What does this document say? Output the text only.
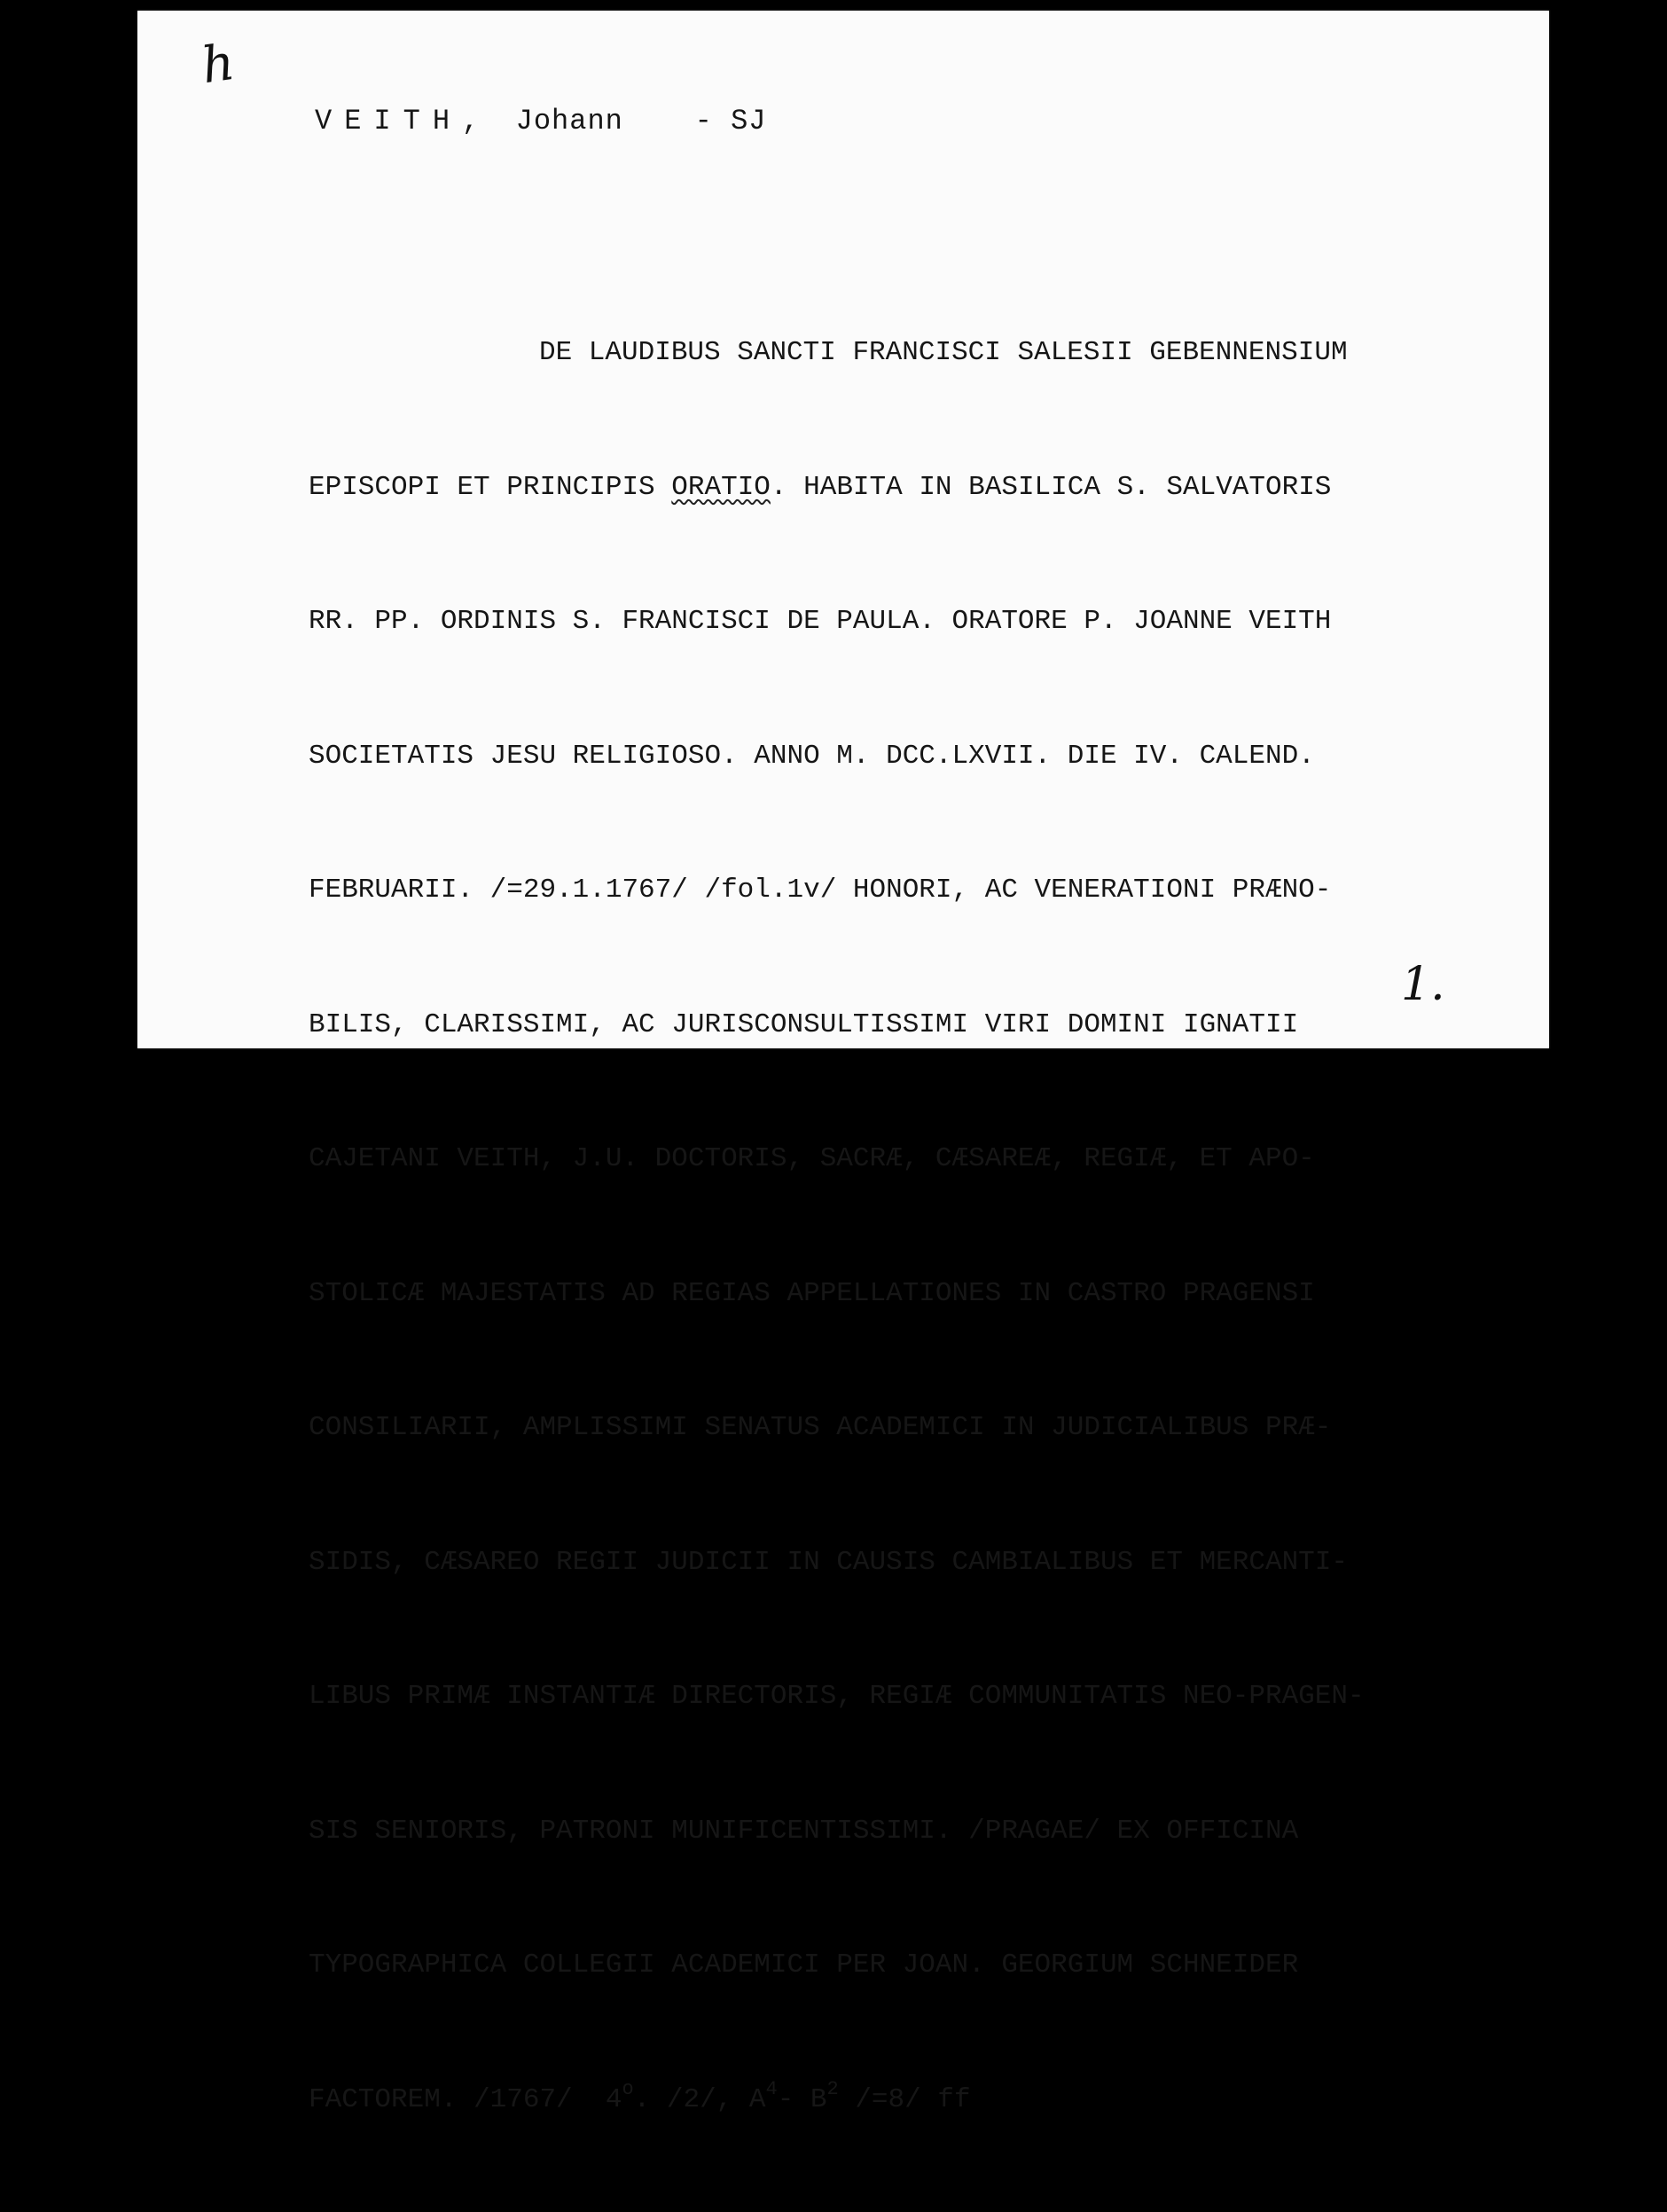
h
VEITH, Johann	- SJ

DE LAUDIBUS SANCTI FRANCISCI SALESII GEBENNENSIUM

EPISCOPI ET PRINCIPIS ORATIO. HABITA IN BASILICA S. SALVATORIS

RR. PP. ORDINIS S. FRANCISCI DE PAULA. ORATORE P. JOANNE VEITH

SOCIETATIS JESU RELIGIOSO. ANNO M. DCC.LXVII. DIE IV. CALEND.

FEBRUARII. /=29.1.1767/ /fol.1v/ HONORI, AC VENERATIONI PRÆNO-

BILIS, CLARISSIMI, AC JURISCONSULTISSIMI VIRI DOMINI IGNATII

CAJETANI VEITH, J.U. DOCTORIS, SACRÆ, CÆSAREÆ, REGIÆ, ET APO-

STOLICÆ MAJESTATIS AD REGIAS APPELLATIONES IN CASTRO PRAGENSI

CONSILIARII, AMPLISSIMI SENATUS ACADEMICI IN JUDICIALIBUS PRÆ-

SIDIS, CÆSAREO REGII JUDICII IN CAUSIS CAMBIALIBUS ET MERCANTI-

LIBUS PRIMÆ INSTANTIÆ DIRECTORIS, REGIÆ COMMUNITATIS NEO-PRAGEN-

SIS SENIORIS, PATRONI MUNIFICENTISSIMI. /PRAGAE/ EX OFFICINA

TYPOGRAPHICA COLLEGII ACADEMICI PER JOAN. GEORGIUM SCHNEIDER

FACTOREM. /1767/  4$^o$. /2/, $A^4-$ $B^2$ /=8/ ff

1.
